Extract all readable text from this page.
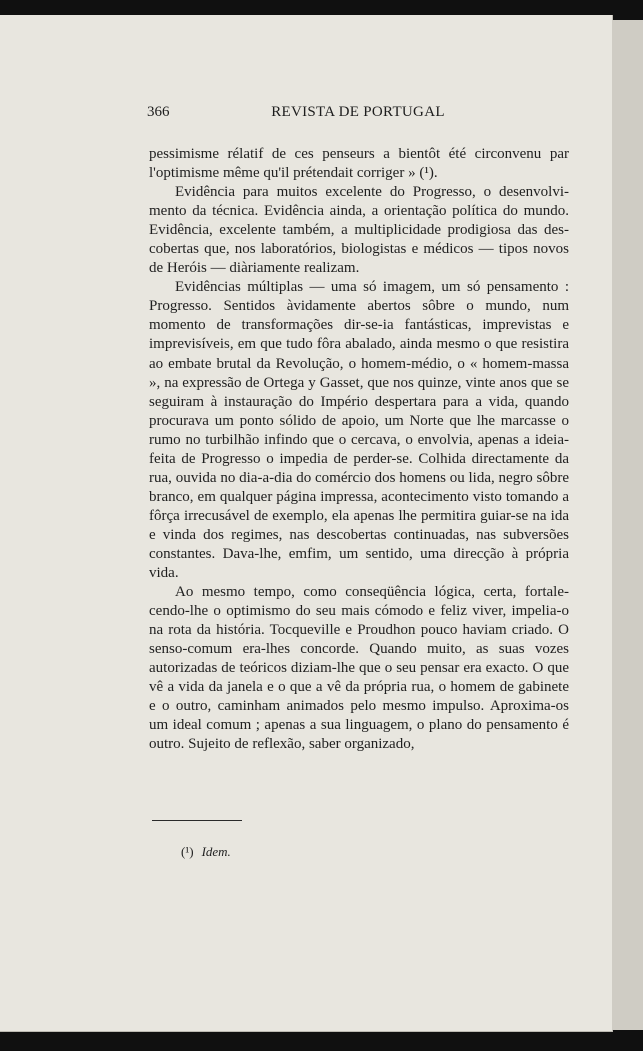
366	REVISTA DE PORTUGAL

pessimisme rélatif de ces penseurs a bientôt été circonvenu par l'optimisme même qu'il prétendait corriger » (¹).

Evidência para muitos excelente do Progresso, o desenvolvimento da técnica. Evidência ainda, a orientação política do mundo. Evidência, excelente também, a multiplicidade prodigiosa das descobertas que, nos laboratórios, biologistas e médicos — tipos novos de Heróis — diàriamente realizam.

Evidências múltiplas — uma só imagem, um só pensamento : Progresso. Sentidos àvidamente abertos sôbre o mundo, num momento de transformações dir-se-ia fantásticas, imprevistas e imprevisíveis, em que tudo fôra abalado, ainda mesmo o que resistira ao embate brutal da Revolução, o homem-médio, o « homem-massa », na expressão de Ortega y Gasset, que nos quinze, vinte anos que se seguiram à instauração do Império despertara para a vida, quando procurava um ponto sólido de apoio, um Norte que lhe marcasse o rumo no turbilhão infindo que o cercava, o envolvia, apenas a ideia-feita de Progresso o impedia de perder-se. Colhida directamente da rua, ouvida no dia-a-dia do comércio dos homens ou lida, negro sôbre branco, em qualquer página impressa, acontecimento visto tomando a fôrça irrecusável de exemplo, ela apenas lhe permitira guiar-se na ida e vinda dos regimes, nas descobertas continuadas, nas subversões constantes. Dava-lhe, emfim, um sentido, uma direcção à própria vida.

Ao mesmo tempo, como conseqüência lógica, certa, fortalecendo-lhe o optimismo do seu mais cómodo e feliz viver, impelia-o na rota da história. Tocqueville e Proudhon pouco haviam criado. O senso-comum era-lhes concorde. Quando muito, as suas vozes autorizadas de teóricos diziam-lhe que o seu pensar era exacto. O que vê a vida da janela e o que a vê da própria rua, o homem de gabinete e o outro, caminham animados pelo mesmo impulso. Aproxima-os um ideal comum ; apenas a sua linguagem, o plano do pensamento é outro. Sujeito de reflexão, saber organizado,

(¹) Idem.
